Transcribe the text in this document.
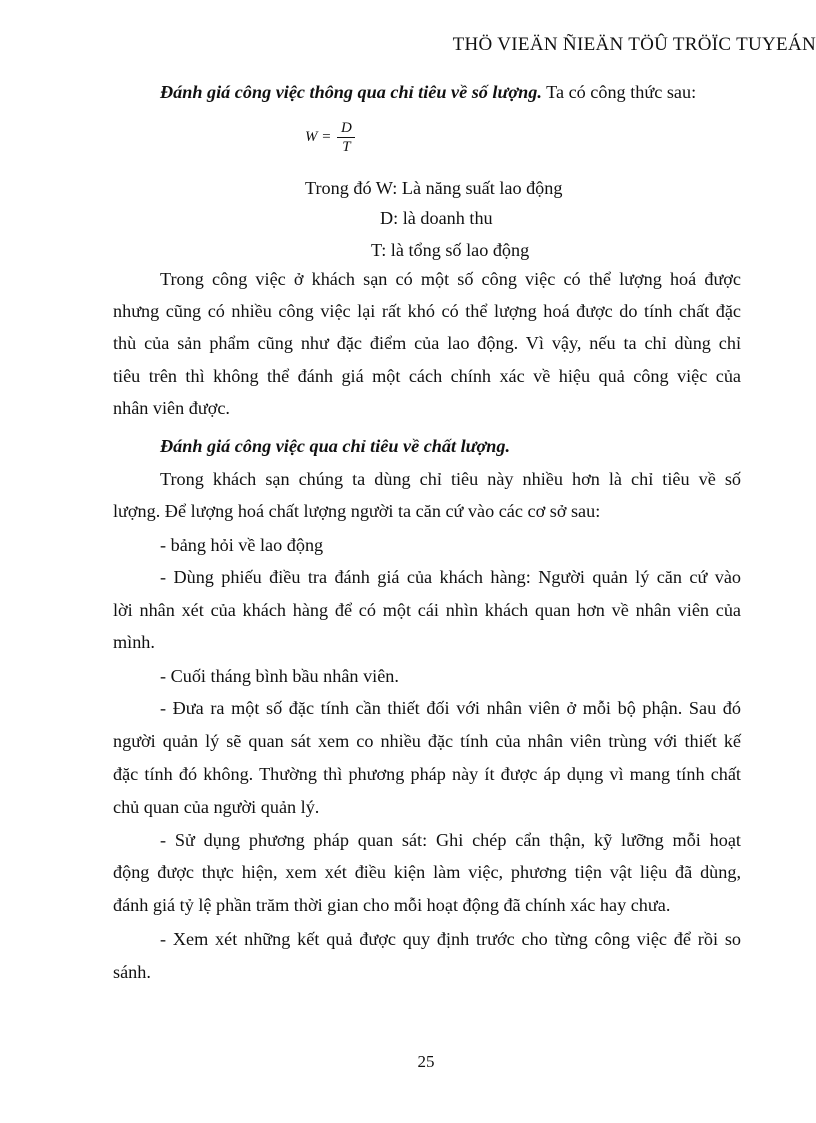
THÖ VIEÄN ÑIEÄN TÖÛ TRÖÏC TUYEÁN
Đánh giá công việc thông qua chỉ tiêu về số lượng. Ta có công thức sau:
$W = \frac{D}{T}$
Trong đó W: Là năng suất lao động
D: là doanh thu
T: là tổng số lao động
Trong công việc ở khách sạn có một số công việc có thể lượng hoá được
nhưng cũng có nhiều công việc lại rất khó có thể lượng hoá được do tính chất đặc
thù của sản phẩm cũng như đặc điểm của lao động. Vì vậy, nếu ta chỉ dùng chỉ
tiêu trên thì không thể đánh giá một cách chính xác về hiệu quả công việc của
nhân viên được.
Đánh giá công việc qua chỉ tiêu về chất lượng.
Trong khách sạn chúng ta dùng chỉ tiêu này nhiều hơn là chỉ tiêu về số
lượng. Để lượng hoá chất lượng người ta căn cứ vào các cơ sở sau:
- bảng hỏi về lao động
- Dùng phiếu điều tra đánh giá của khách hàng: Người quản lý căn cứ vào
lời nhân xét của khách hàng để có một cái nhìn khách quan hơn về nhân viên của
mình.
- Cuối tháng bình bầu nhân viên.
- Đưa ra một số đặc tính cần thiết đối với nhân viên ở mỗi bộ phận. Sau đó
người quản lý sẽ quan sát xem co nhiều đặc tính của nhân viên trùng với thiết kế
đặc tính đó không. Thường thì phương pháp này ít được áp dụng vì mang tính chất
chủ quan của người quản lý.
- Sử dụng phương pháp quan sát: Ghi chép cẩn thận, kỹ lưỡng mỗi hoạt
động được thực hiện, xem xét điều kiện làm việc, phương tiện vật liệu đã dùng,
đánh giá tỷ lệ phần trăm thời gian cho mỗi hoạt động đã chính xác hay chưa.
- Xem xét những kết quả được quy định trước cho từng công việc để rồi so
sánh.
25
